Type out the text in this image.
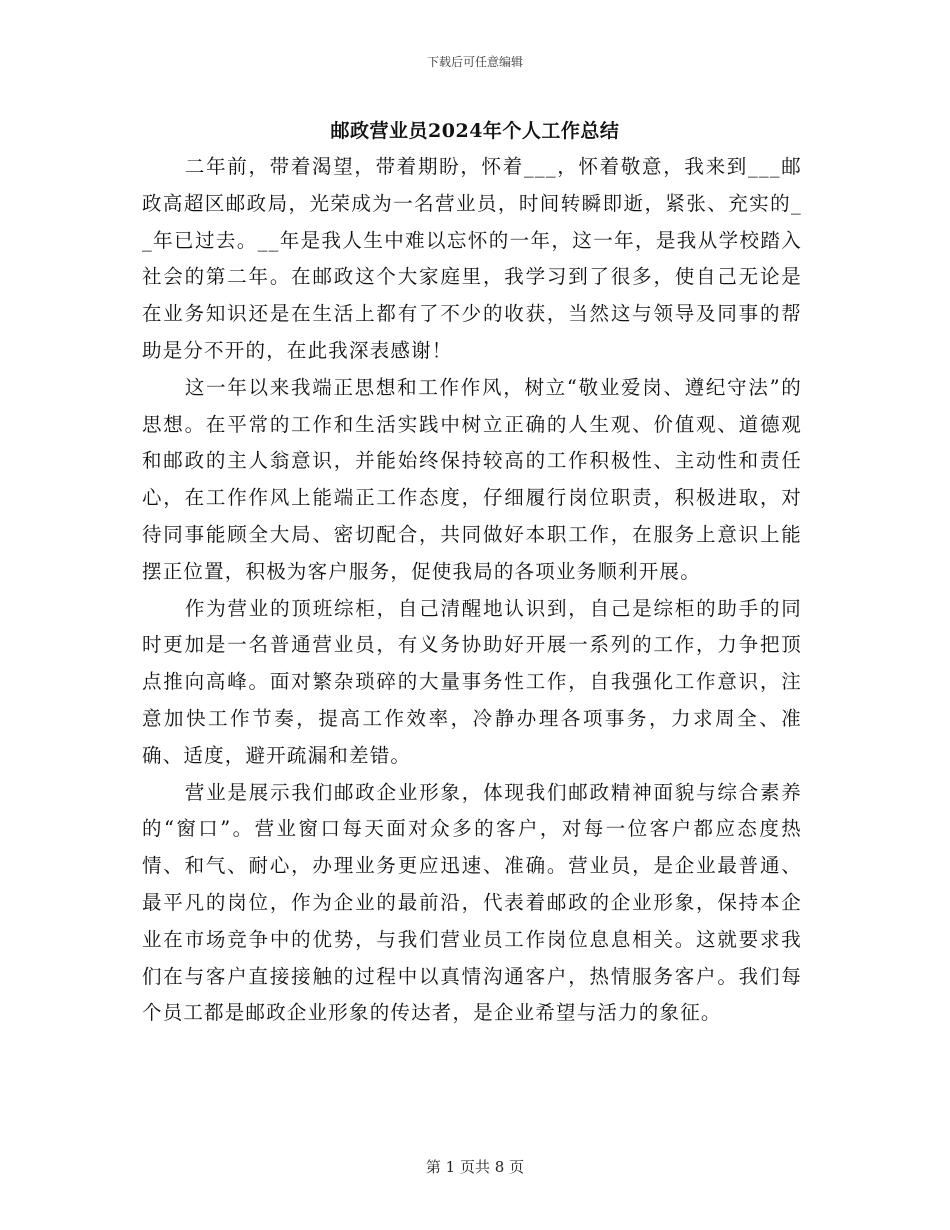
下载后可任意编辑
邮政营业员2024年个人工作总结

二年前，带着渴望，带着期盼，怀着___，怀着敬意，我来到___邮政高超区邮政局，光荣成为一名营业员，时间转瞬即逝，紧张、充实的__年已过去。__年是我人生中难以忘怀的一年，这一年，是我从学校踏入社会的第二年。在邮政这个大家庭里，我学习到了很多，使自己无论是在业务知识还是在生活上都有了不少的收获，当然这与领导及同事的帮助是分不开的，在此我深表感谢！

这一年以来我端正思想和工作作风，树立“敬业爱岗、遵纪守法”的思想。在平常的工作和生活实践中树立正确的人生观、价值观、道德观和邮政的主人翁意识，并能始终保持较高的工作积极性、主动性和责任心，在工作作风上能端正工作态度，仔细履行岗位职责，积极进取，对待同事能顾全大局、密切配合，共同做好本职工作，在服务上意识上能摆正位置，积极为客户服务，促使我局的各项业务顺利开展。

作为营业的顶班综柜，自己清醒地认识到，自己是综柜的助手的同时更加是一名普通营业员，有义务协助好开展一系列的工作，力争把顶点推向高峰。面对繁杂琐碎的大量事务性工作，自我强化工作意识，注意加快工作节奏，提高工作效率，冷静办理各项事务，力求周全、准确、适度，避开疏漏和差错。

营业是展示我们邮政企业形象，体现我们邮政精神面貌与综合素养的“窗口”。营业窗口每天面对众多的客户，对每一位客户都应态度热情、和气、耐心，办理业务更应迅速、准确。营业员，是企业最普通、最平凡的岗位，作为企业的最前沿，代表着邮政的企业形象，保持本企业在市场竞争中的优势，与我们营业员工作岗位息息相关。这就要求我们在与客户直接接触的过程中以真情沟通客户，热情服务客户。我们每个员工都是邮政企业形象的传达者，是企业希望与活力的象征。

第 1 页共 8 页
